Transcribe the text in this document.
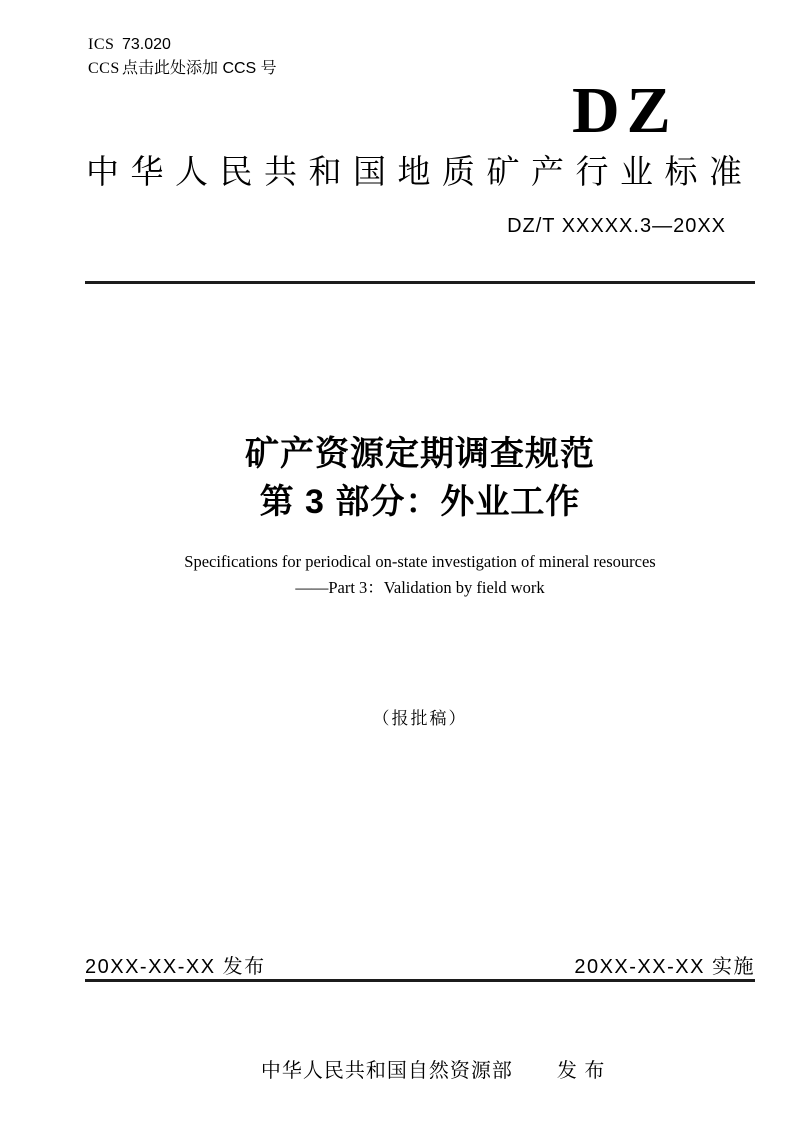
ICS 73.020
CCS 点击此处添加 CCS 号
DZ
中华人民共和国地质矿产行业标准
DZ/T XXXXX.3—20XX
矿产资源定期调查规范
第 3 部分：外业工作
Specifications for periodical on-state investigation of mineral resources
——Part 3：Validation by field work
（报批稿）
20XX-XX-XX 发布	20XX-XX-XX 实施

中华人民共和国自然资源部 发 布
